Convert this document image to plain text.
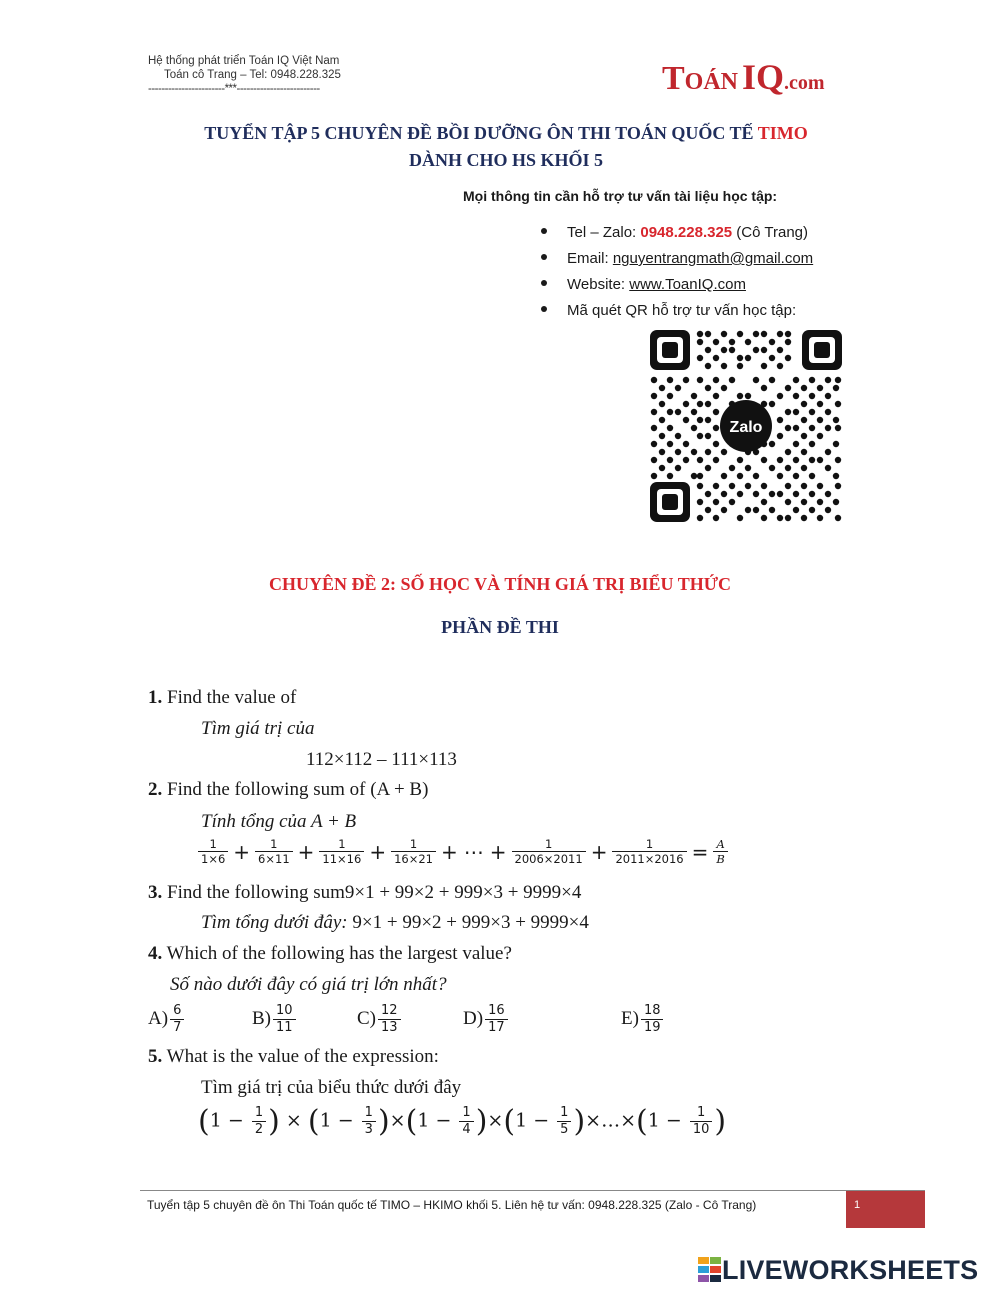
Hệ thống phát triển Toán IQ Việt Nam
Toán cô Trang – Tel: 0948.228.325
-----------------------***-------------------------	Toán IQ.com
TUYỂN TẬP 5 CHUYÊN ĐỀ BỒI DƯỠNG ÔN THI TOÁN QUỐC TẾ TIMO
DÀNH CHO HS KHỐI 5
Mọi thông tin cần hỗ trợ tư vấn tài liệu học tập:
Tel – Zalo: 0948.228.325 (Cô Trang)
Email: nguyentrangmath@gmail.com
Website: www.ToanIQ.com
Mã quét QR hỗ trợ tư vấn học tập:
Zalo
CHUYÊN ĐỀ 2: SỐ HỌC VÀ TÍNH GIÁ TRỊ BIỂU THỨC
PHẦN ĐỀ THI
1. Find the value of
Tìm giá trị của
112×112 – 111×113
2. Find the following sum of (A + B)
Tính tổng của A + B
$\frac{1}{1\times 6} + \frac{1}{6\times 11} + \frac{1}{11\times 16} + \frac{1}{16\times 21}$ + ⋯ + $\frac{1}{2006\times 2011} + \frac{1}{2011\times 2016} = \frac{A}{B}$
3. Find the following sum9×1 + 99×2 + 999×3 + 9999×4
Tìm tổng dưới đây: 9×1 + 99×2 + 999×3 + 9999×4
4. Which of the following has the largest value?
Số nào dưới đây có giá trị lớn nhất?
$A) \frac{6}{7}$	$B) \frac{10}{11}$	$C) \frac{12}{13}$	$D) \frac{16}{17}$	$E) \frac{18}{19}$
5. What is the value of the expression:
Tìm giá trị của biểu thức dưới đây
($1 - \frac{1}{2}$ ) × $(1 - \frac{1}{3} )\times(1 - \frac{1}{4} )\times(1 - \frac{1}{5}$ )×…×(1 − $\frac{1}{10}$ )
Tuyển tập 5 chuyên đề ôn Thi Toán quốc tế TIMO – HKIMO khối 5. Liên hệ tư vấn: 0948.228.325 (Zalo - Cô Trang)	1
LIVEWORKSHEETS
